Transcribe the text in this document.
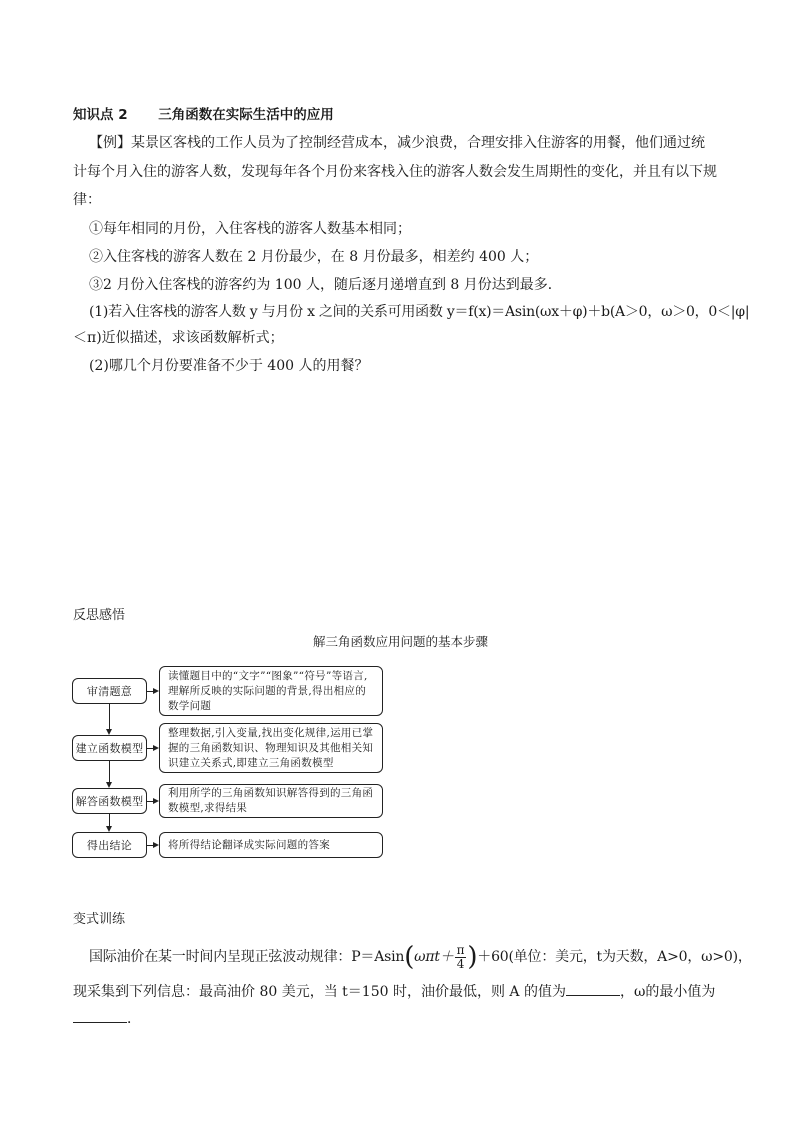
知识点 2 三角函数在实际生活中的应用
【例】某景区客栈的工作人员为了控制经营成本，减少浪费，合理安排入住游客的用餐，他们通过统
计每个月入住的游客人数，发现每年各个月份来客栈入住的游客人数会发生周期性的变化，并且有以下规
律：
①每年相同的月份，入住客栈的游客人数基本相同；
②入住客栈的游客人数在 2 月份最少，在 8 月份最多，相差约 400 人；
③2 月份入住客栈的游客约为 100 人，随后逐月递增直到 8 月份达到最多．
(1)若入住客栈的游客人数 y 与月份 x 之间的关系可用函数 y＝f(x)＝Asin(ωx＋φ)＋b(A＞0，ω＞0，0＜|φ|
＜π)近似描述，求该函数解析式；
(2)哪几个月份要准备不少于 400 人的用餐？
反思感悟
解三角函数应用问题的基本步骤
审清题意
建立函数模型
解答函数模型
得出结论
读懂题目中的“文字”“图象”“符号”等语言,理解所反映的实际问题的背景,得出相应的数学问题
整理数据,引入变量,找出变化规律,运用已掌握的三角函数知识、物理知识及其他相关知识建立关系式,即建立三角函数模型
利用所学的三角函数知识解答得到的三角函数模型,求得结果
将所得结论翻译成实际问题的答案
变式训练
国际油价在某一时间内呈现正弦波动规律：P＝Asin ( $\omega\pi t+ \frac{\pi}{4}$ ) ＋60(单位：美元，t为天数，A>0，ω>0)，
现采集到下列信息：最高油价 80 美元，当 t＝150 时，油价最低，则 A 的值为	，ω的最小值为
．
